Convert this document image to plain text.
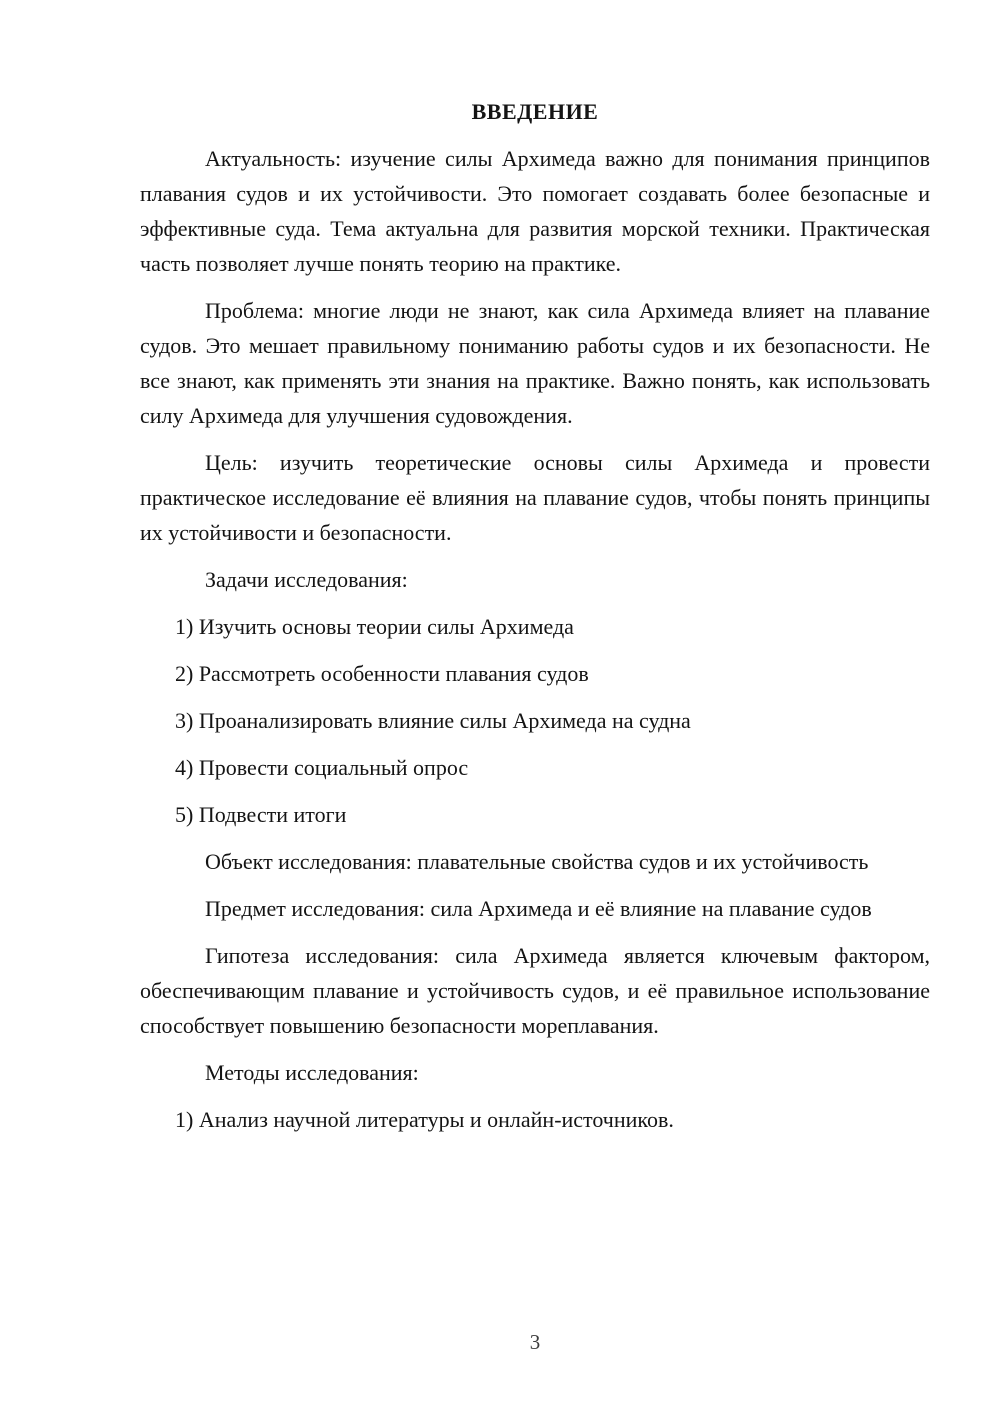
ВВЕДЕНИЕ

Актуальность: изучение силы Архимеда важно для понимания принципов плавания судов и их устойчивости. Это помогает создавать более безопасные и эффективные суда. Тема актуальна для развития морской техники. Практическая часть позволяет лучше понять теорию на практике.

Проблема: многие люди не знают, как сила Архимеда влияет на плавание судов. Это мешает правильному пониманию работы судов и их безопасности. Не все знают, как применять эти знания на практике. Важно понять, как использовать силу Архимеда для улучшения судовождения.

Цель: изучить теоретические основы силы Архимеда и провести практическое исследование её влияния на плавание судов, чтобы понять принципы их устойчивости и безопасности.

Задачи исследования:

1) Изучить основы теории силы Архимеда

2) Рассмотреть особенности плавания судов

3) Проанализировать влияние силы Архимеда на судна

4) Провести социальный опрос

5) Подвести итоги

Объект исследования: плавательные свойства судов и их устойчивость

Предмет исследования: сила Архимеда и её влияние на плавание судов

Гипотеза исследования: сила Архимеда является ключевым фактором, обеспечивающим плавание и устойчивость судов, и её правильное использование способствует повышению безопасности мореплавания.

Методы исследования:

1) Анализ научной литературы и онлайн-источников.

3
